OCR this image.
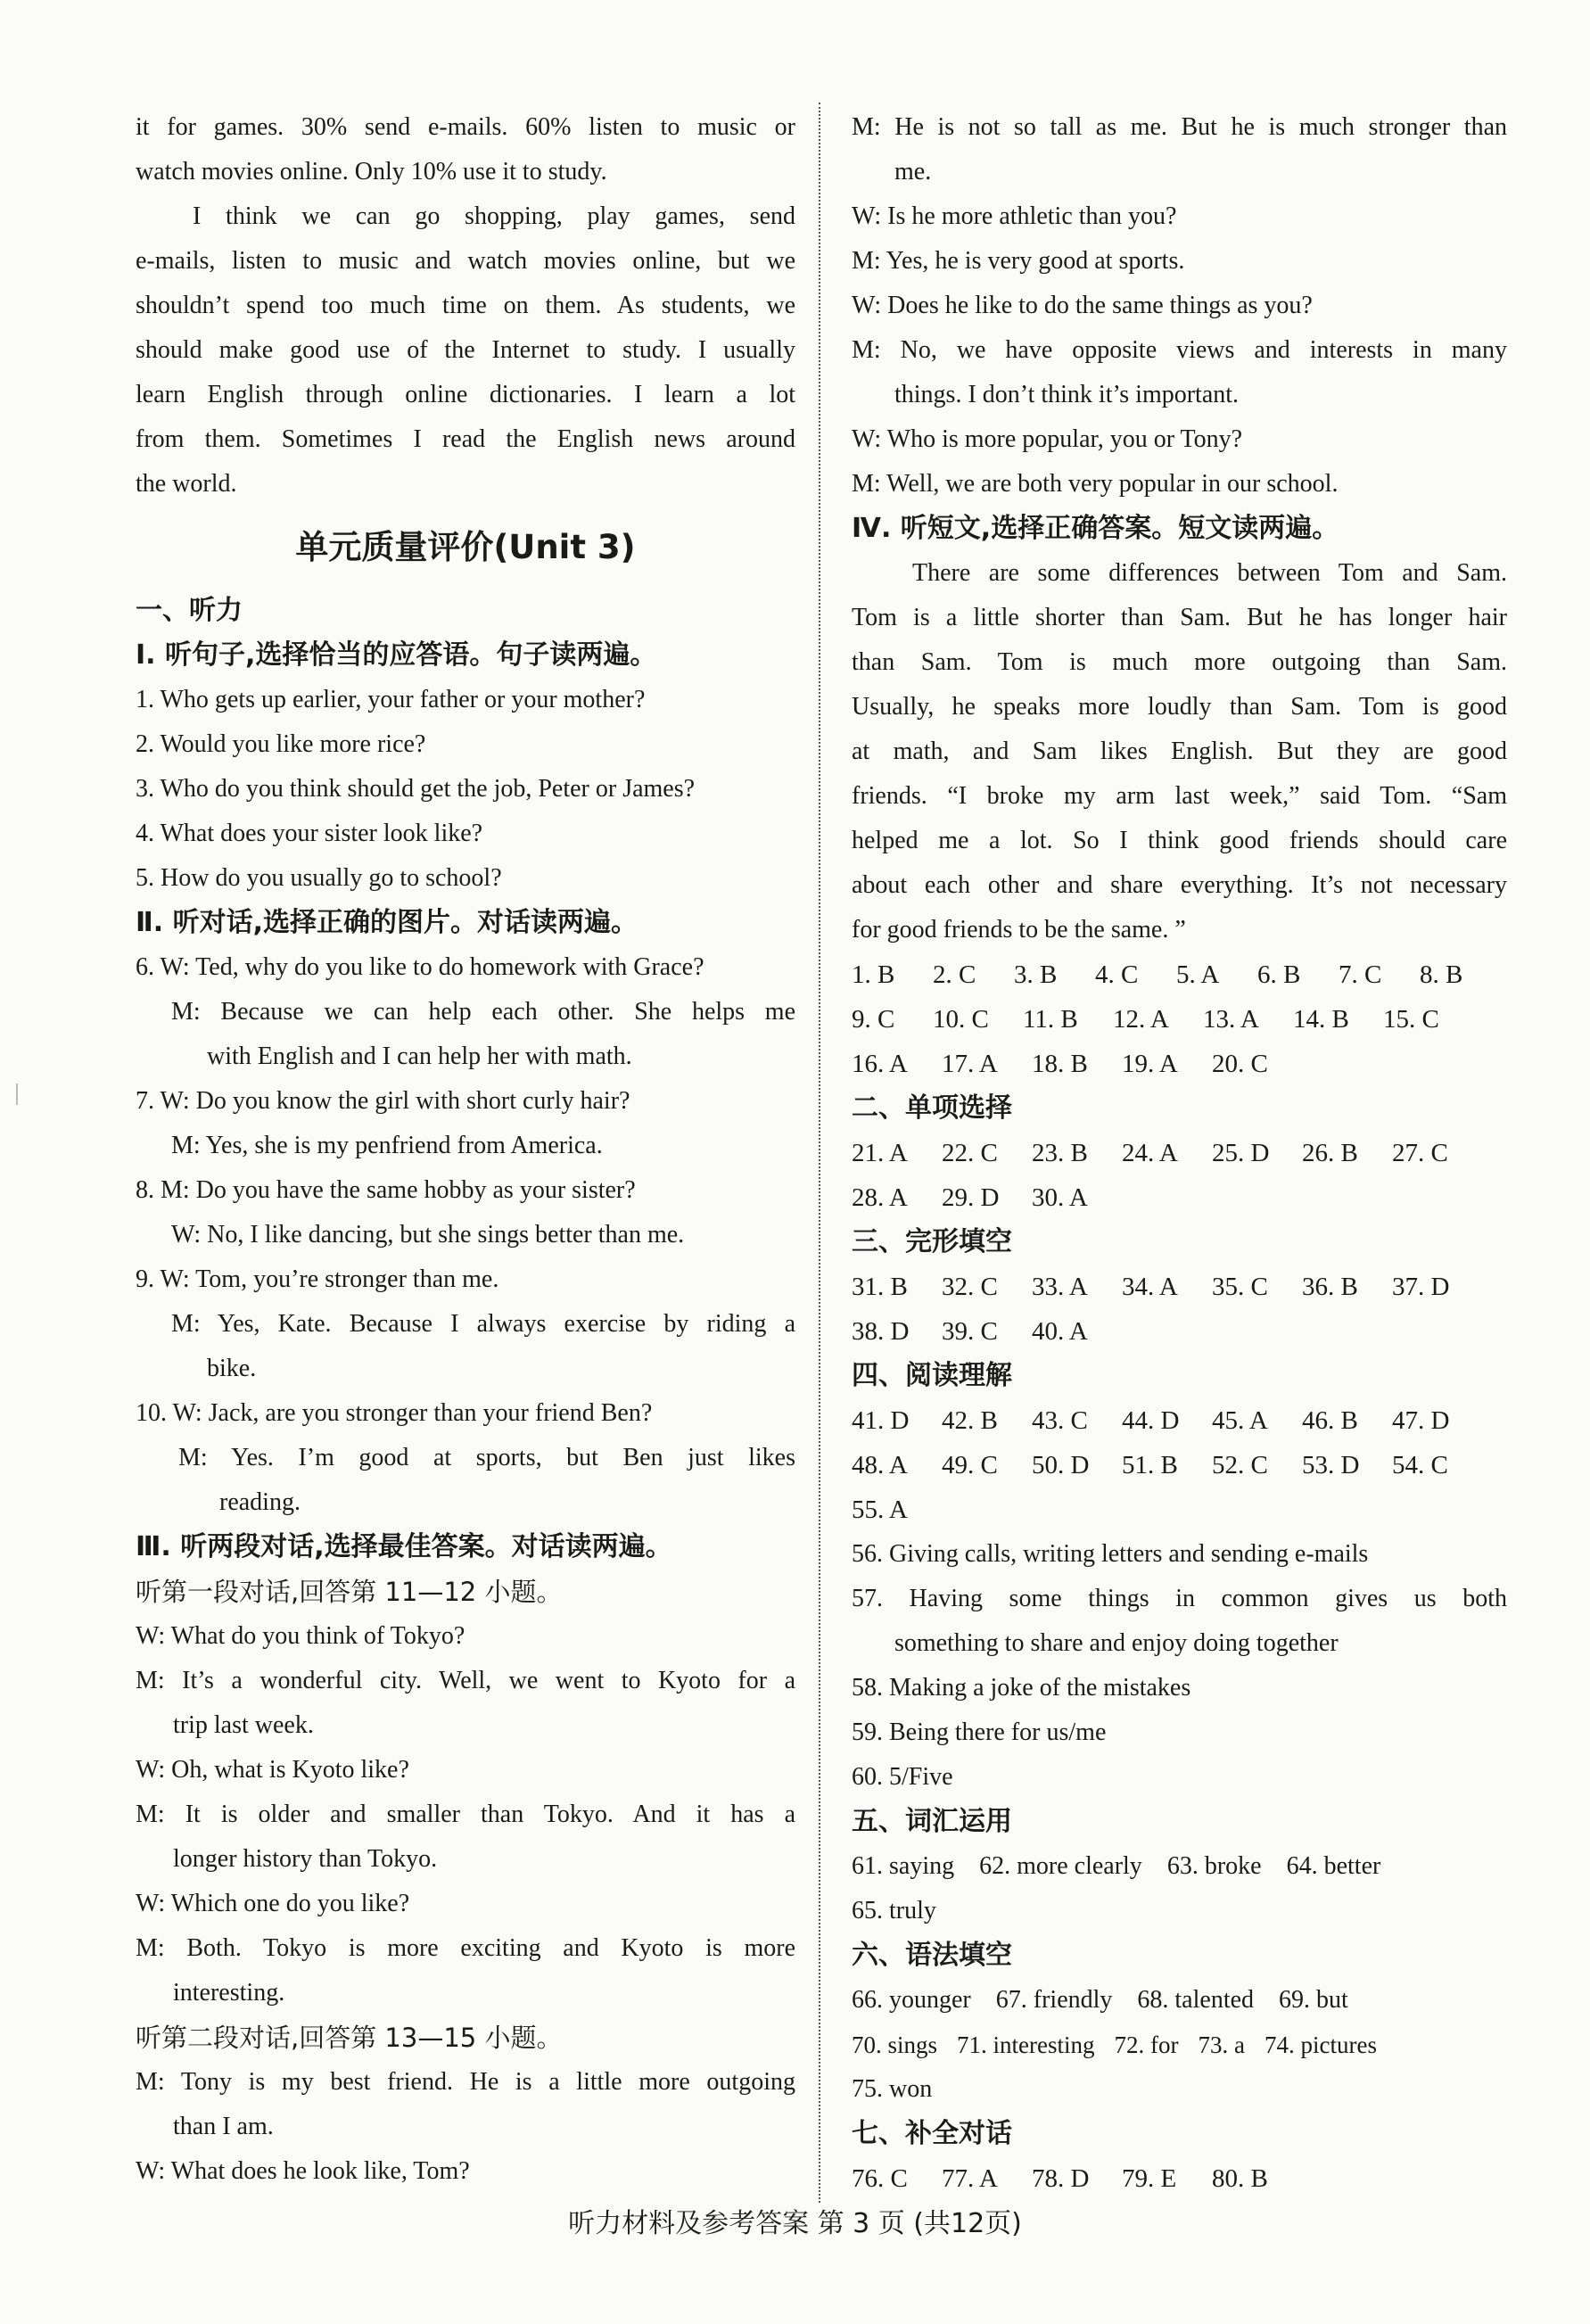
it for games. 30% send e-mails. 60% listen to music or
watch movies online. Only 10% use it to study.
I think we can go shopping, play games, send
e-mails, listen to music and watch movies online, but we
shouldn’t spend too much time on them. As students, we
should make good use of the Internet to study. I usually
learn English through online dictionaries. I learn a lot
from them. Sometimes I read the English news around
the world.
单元质量评价(Unit 3)
一、听力
Ⅰ. 听句子,选择恰当的应答语。句子读两遍。
1. Who gets up earlier, your father or your mother?
2. Would you like more rice?
3. Who do you think should get the job, Peter or James?
4. What does your sister look like?
5. How do you usually go to school?
Ⅱ. 听对话,选择正确的图片。对话读两遍。
6. W: Ted, why do you like to do homework with Grace?
M: Because we can help each other. She helps me
with English and I can help her with math.
7. W: Do you know the girl with short curly hair?
M: Yes, she is my penfriend from America.
8. M: Do you have the same hobby as your sister?
W: No, I like dancing, but she sings better than me.
9. W: Tom, you’re stronger than me.
M: Yes, Kate. Because I always exercise by riding a
bike.
10. W: Jack, are you stronger than your friend Ben?
M: Yes. I’m good at sports, but Ben just likes
reading.
Ⅲ. 听两段对话,选择最佳答案。对话读两遍。
听第一段对话,回答第 11—12 小题。
W: What do you think of Tokyo?
M: It’s a wonderful city. Well, we went to Kyoto for a
trip last week.
W: Oh, what is Kyoto like?
M: It is older and smaller than Tokyo. And it has a
longer history than Tokyo.
W: Which one do you like?
M: Both. Tokyo is more exciting and Kyoto is more
interesting.
听第二段对话,回答第 13—15 小题。
M: Tony is my best friend. He is a little more outgoing
than I am.
W: What does he look like, Tom?
M: He is not so tall as me. But he is much stronger than
me.
W: Is he more athletic than you?
M: Yes, he is very good at sports.
W: Does he like to do the same things as you?
M: No, we have opposite views and interests in many
things. I don’t think it’s important.
W: Who is more popular, you or Tony?
M: Well, we are both very popular in our school.
Ⅳ. 听短文,选择正确答案。短文读两遍。
There are some differences between Tom and Sam.
Tom is a little shorter than Sam. But he has longer hair
than Sam. Tom is much more outgoing than Sam.
Usually, he speaks more loudly than Sam. Tom is good
at math, and Sam likes English. But they are good
friends. “I broke my arm last week,” said Tom. “Sam
helped me a lot. So I think good friends should care
about each other and share everything. It’s not necessary
for good friends to be the same. ”
1. B	2. C	3. B	4. C	5. A	6. B	7. C	8. B
9. C	10. C	11. B	12. A	13. A	14. B	15. C
16. A	17. A	18. B	19. A	20. C
二、单项选择
21. A	22. C	23. B	24. A	25. D	26. B	27. C
28. A	29. D	30. A
三、完形填空
31. B	32. C	33. A	34. A	35. C	36. B	37. D
38. D	39. C	40. A
四、阅读理解
41. D	42. B	43. C	44. D	45. A	46. B	47. D
48. A	49. C	50. D	51. B	52. C	53. D	54. C
55. A
56. Giving calls, writing letters and sending e-mails
57. Having some things in common gives us both
something to share and enjoy doing together
58. Making a joke of the mistakes
59. Being there for us/me
60. 5/Five
五、词汇运用
61. saying 62. more clearly 63. broke 64. better
65. truly
六、语法填空
66. younger 67. friendly 68. talented 69. but
70. sings 71. interesting 72. for 73. a 74. pictures
75. won
七、补全对话
76. C	77. A	78. D	79. E	80. B
听力材料及参考答案 第 3 页 (共12页)
